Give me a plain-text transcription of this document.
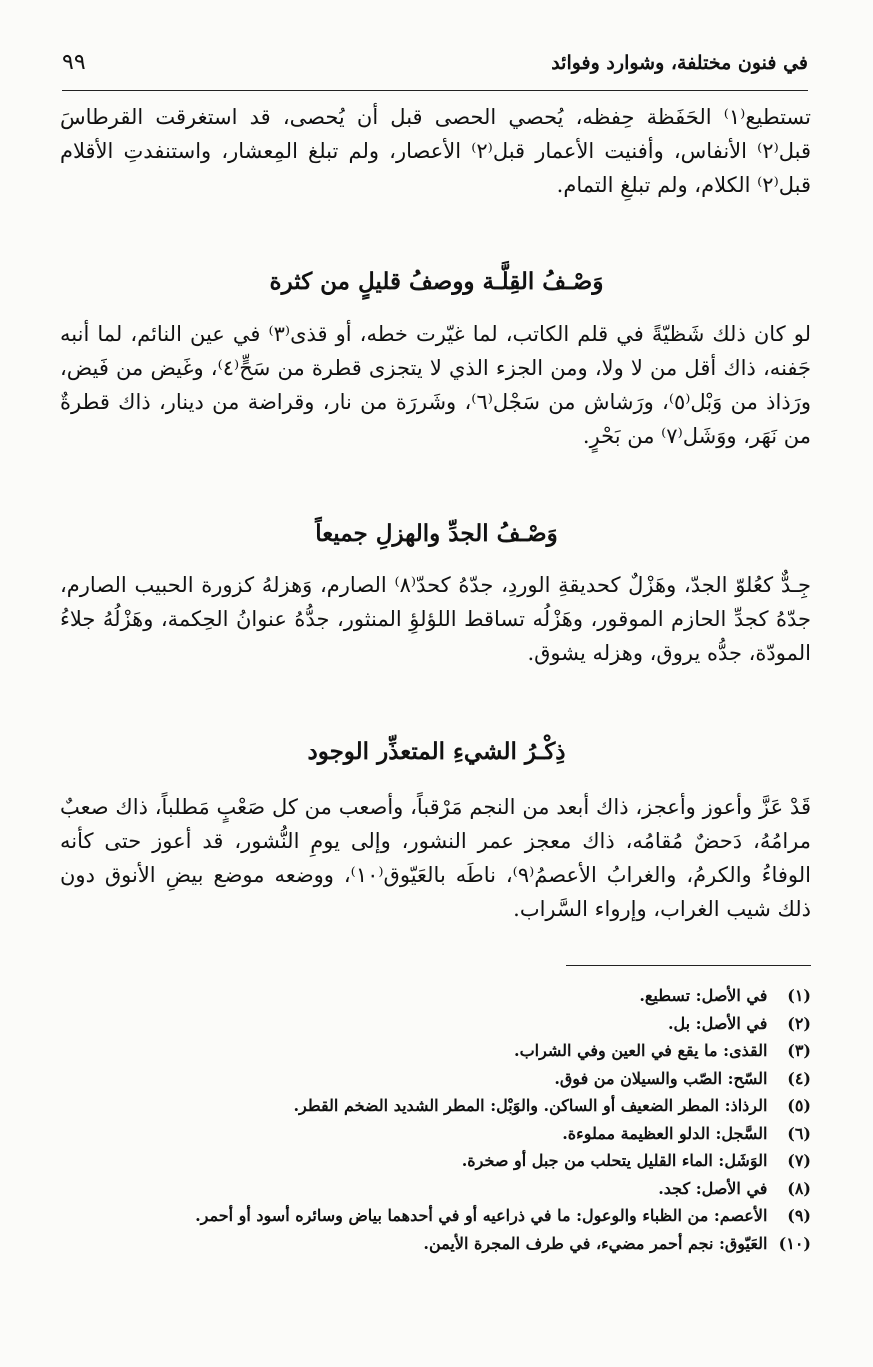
في فنون مختلفة، وشوارد وفوائد
٩٩

تستطيع⁽١⁾ الحَفَظة حِفظه، يُحصي الحصى قبل أن يُحصى، قد استغرقت القرطاسَ قبل⁽٢⁾ الأنفاس، وأفنيت الأعمار قبل⁽٢⁾ الأعصار، ولم تبلغ المِعشار، واستنفدتِ الأقلام قبل⁽٢⁾ الكلام، ولم تبلغِ التمام.

وَصْـفُ القِلَّـة ووصفُ قليلٍ من كثرة

لو كان ذلك شَظيّةً في قلم الكاتب، لما غيّرت خطه، أو قذى⁽٣⁾ في عين النائم، لما أنبه جَفنه، ذاك أقل من لا ولا، ومن الجزء الذي لا يتجزى قطرة من سَحٍّ⁽٤⁾، وغَيض من فَيض، ورَذاذ من وَبْل⁽٥⁾، ورَشاش من سَجْل⁽٦⁾، وشَررَة من نار، وقراضة من دينار، ذاك قطرةٌ من نَهَر، ووَشَل⁽٧⁾ من بَحْرٍ.

وَصْـفُ الجدِّ والهزلِ جميعاً

جِـدٌّ كعُلوّ الجدّ، وهَزْلٌ كحديقةِ الوردِ، جدّهُ كحدّ⁽٨⁾ الصارم، وَهزلهُ كزورة الحبيب الصارم، جدّهُ كجدِّ الحازم الموقور، وهَزْلُه تساقط اللؤلؤِ المنثور، جدُّهُ عنوانُ الحِكمة، وهَزْلُهُ جلاءُ المودّة، جدُّه يروق، وهزله يشوق.

ذِكْـرُ الشيءِ المتعذِّر الوجود

قَدْ عَزَّ وأعوز وأعجز، ذاك أبعد من النجم مَرْقباً، وأصعب من كل صَعْبٍ مَطلباً، ذاك صعبٌ مرامُهُ، دَحضٌ مُقامُه، ذاك معجز عمر النشور، وإلى يومِ النُّشور، قد أعوز حتى كأنه الوفاءُ والكرمُ، والغرابُ الأعصمُ⁽٩⁾، ناطَه بالعَيّوق⁽١٠⁾، ووضعه موضع بيضِ الأنوق دون ذلك شيب الغراب، وإرواء السَّراب.

(١) في الأصل: تسطيع.
(٢) في الأصل: بل.
(٣) القذى: ما يقع في العين وفي الشراب.
(٤) السّح: الصّب والسيلان من فوق.
(٥) الرذاذ: المطر الضعيف أو الساكن. والوَبْل: المطر الشديد الضخم القطر.
(٦) السَّجل: الدلو العظيمة مملوءة.
(٧) الوَشَل: الماء القليل يتحلب من جبل أو صخرة.
(٨) في الأصل: كجد.
(٩) الأعصم: من الظباء والوعول: ما في ذراعيه أو في أحدهما بياض وسائره أسود أو أحمر.
(١٠) العَيّوق: نجم أحمر مضيء، في طرف المجرة الأيمن.
